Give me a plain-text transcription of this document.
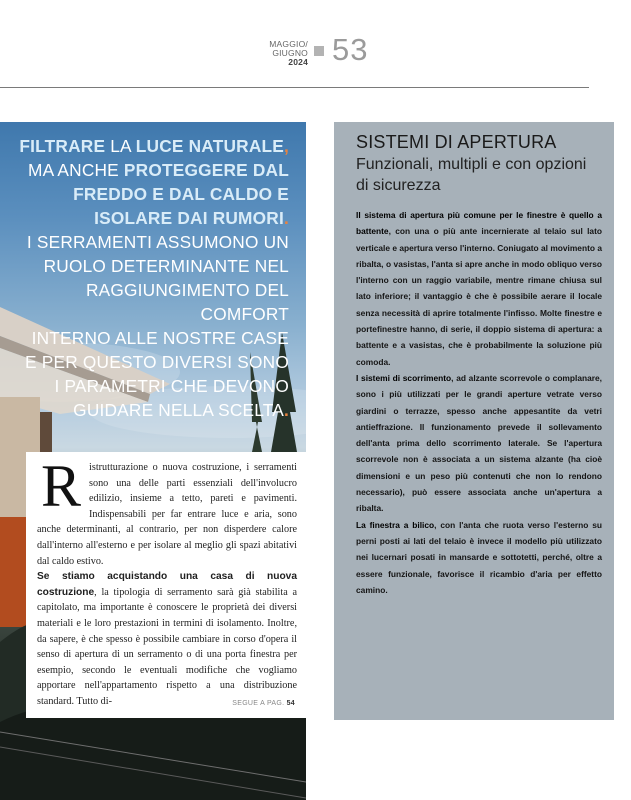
MAGGIO/
GIUGNO
2024 53
FILTRARE LA LUCE NATURALE,
MA ANCHE PROTEGGERE DAL
FREDDO E DAL CALDO E
ISOLARE DAI RUMORI.
I SERRAMENTI ASSUMONO UN
RUOLO DETERMINANTE NEL
RAGGIUNGIMENTO DEL COMFORT
INTERNO ALLE NOSTRE CASE
E PER QUESTO DIVERSI SONO
I PARAMETRI CHE DEVONO
GUIDARE NELLA SCELTA.
R istrutturazione o nuova costruzione, i serramenti sono una delle parti essenziali dell'involucro edilizio, insieme a tetto, pareti e pavimenti. Indispensabili per far entrare luce e aria, sono anche determinanti, al contrario, per non disperdere calore dall'interno all'esterno e per isolare al meglio gli spazi abitativi dal caldo estivo.
Se stiamo acquistando una casa di nuova costruzione, la tipologia di serramento sarà già stabilita a capitolato, ma importante è conoscere le proprietà dei diversi materiali e le loro prestazioni in termini di isolamento. Inoltre, da sapere, è che spesso è possibile cambiare in corso d'opera il senso di apertura di un serramento o di una porta finestra per esempio, secondo le eventuali modifiche che vogliamo apportare nell'appartamento rispetto a una distribuzione standard. Tutto di-	SEGUE A PAG. 54
SISTEMI DI APERTURA
Funzionali, multipli e con opzioni di sicurezza

Il sistema di apertura più comune per le finestre è quello a battente, con una o più ante incernierate al telaio sul lato verticale e apertura verso l'interno. Coniugato al movimento a ribalta, o vasistas, l'anta si apre anche in modo obliquo verso l'interno con un raggio variabile, mentre rimane chiusa sul lato inferiore; il vantaggio è che è possibile aerare il locale senza necessità di aprire totalmente l'infisso. Molte finestre e portefinestre hanno, di serie, il doppio sistema di apertura: a battente e a vasistas, che è probabilmente la soluzione più comoda.

I sistemi di scorrimento, ad alzante scorrevole o complanare, sono i più utilizzati per le grandi aperture vetrate verso giardini o terrazze, spesso anche appesantite da vetri antieffrazione. Il funzionamento prevede il sollevamento dell'anta prima dello scorrimento laterale. Se l'apertura scorrevole non è associata a un sistema alzante (ha cioè dimensioni e un peso più contenuti che non lo rendono necessario), può essere associata anche un'apertura a ribalta.

La finestra a bilico, con l'anta che ruota verso l'esterno su perni posti ai lati del telaio è invece il modello più utilizzato nei lucernari posati in mansarde e sottotetti, perché, oltre a essere funzionale, favorisce il ricambio d'aria per effetto camino.
